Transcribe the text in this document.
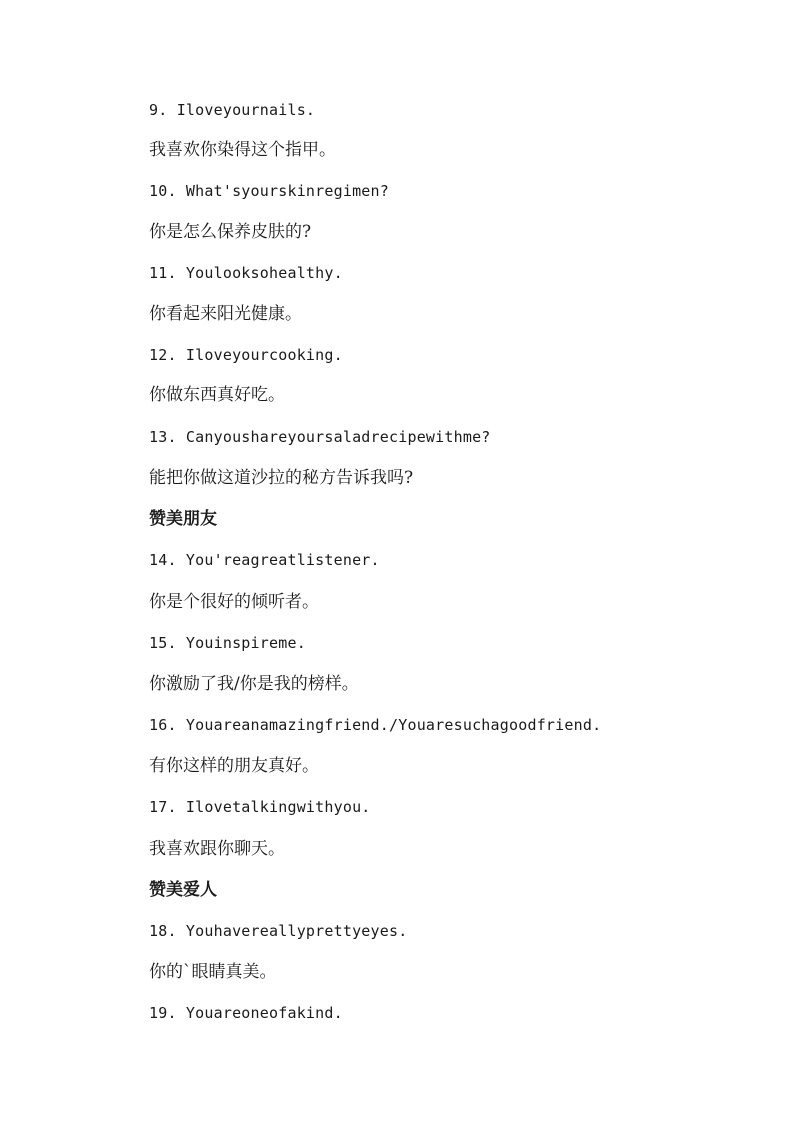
9. Iloveyournails.
我喜欢你染得这个指甲。
10. What'syourskinregimen?
你是怎么保养皮肤的?
11. Youlooksohealthy.
你看起来阳光健康。
12. Iloveyourcooking.
你做东西真好吃。
13. Canyoushareyoursaladrecipewithme?
能把你做这道沙拉的秘方告诉我吗?
赞美朋友
14. You'reagreatlistener.
你是个很好的倾听者。
15. Youinspireme.
你激励了我/你是我的榜样。
16. Youareanamazingfriend./Youaresuchagoodfriend.
有你这样的朋友真好。
17. Ilovetalkingwithyou.
我喜欢跟你聊天。
赞美爱人
18. Youhavereallyprettyeyes.
你的`眼睛真美。
19. Youareoneofakind.
